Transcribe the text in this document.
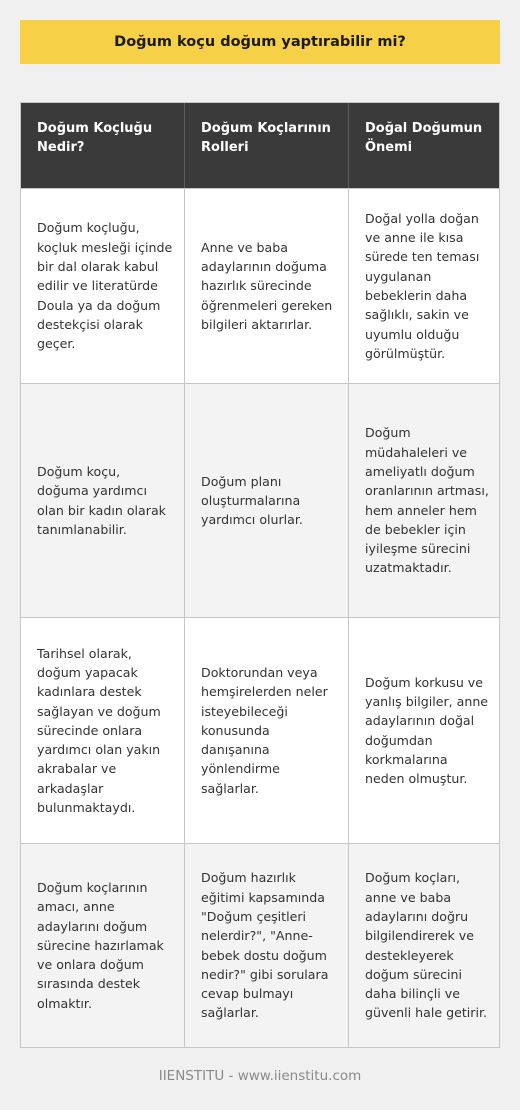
Doğum koçu doğum yaptırabilir mi?
Doğum Koçluğu Nedir?
Doğum Koçlarının Rolleri
Doğal Doğumun Önemi
Doğum koçluğu, koçluk mesleği içinde bir dal olarak kabul edilir ve literatürde Doula ya da doğum destekçisi olarak geçer.
Anne ve baba adaylarının doğuma hazırlık sürecinde öğrenmeleri gereken bilgileri aktarırlar.
Doğal yolla doğan ve anne ile kısa sürede ten teması uygulanan bebeklerin daha sağlıklı, sakin ve uyumlu olduğu görülmüştür.
Doğum koçu, doğuma yardımcı olan bir kadın olarak tanımlanabilir.
Doğum planı oluşturmalarına yardımcı olurlar.
Doğum müdahaleleri ve ameliyatlı doğum oranlarının artması, hem anneler hem de bebekler için iyileşme sürecini uzatmaktadır.
Tarihsel olarak, doğum yapacak kadınlara destek sağlayan ve doğum sürecinde onlara yardımcı olan yakın akrabalar ve arkadaşlar bulunmaktaydı.
Doktorundan veya hemşirelerden neler isteyebileceği konusunda danışanına yönlendirme sağlarlar.
Doğum korkusu ve yanlış bilgiler, anne adaylarının doğal doğumdan korkmalarına neden olmuştur.
Doğum koçlarının amacı, anne adaylarını doğum sürecine hazırlamak ve onlara doğum sırasında destek olmaktır.
Doğum hazırlık eğitimi kapsamında "Doğum çeşitleri nelerdir?", "Anne-bebek dostu doğum nedir?" gibi sorulara cevap bulmayı sağlarlar.
Doğum koçları, anne ve baba adaylarını doğru bilgilendirerek ve destekleyerek doğum sürecini daha bilinçli ve güvenli hale getirir.
IIENSTITU - www.iienstitu.com
